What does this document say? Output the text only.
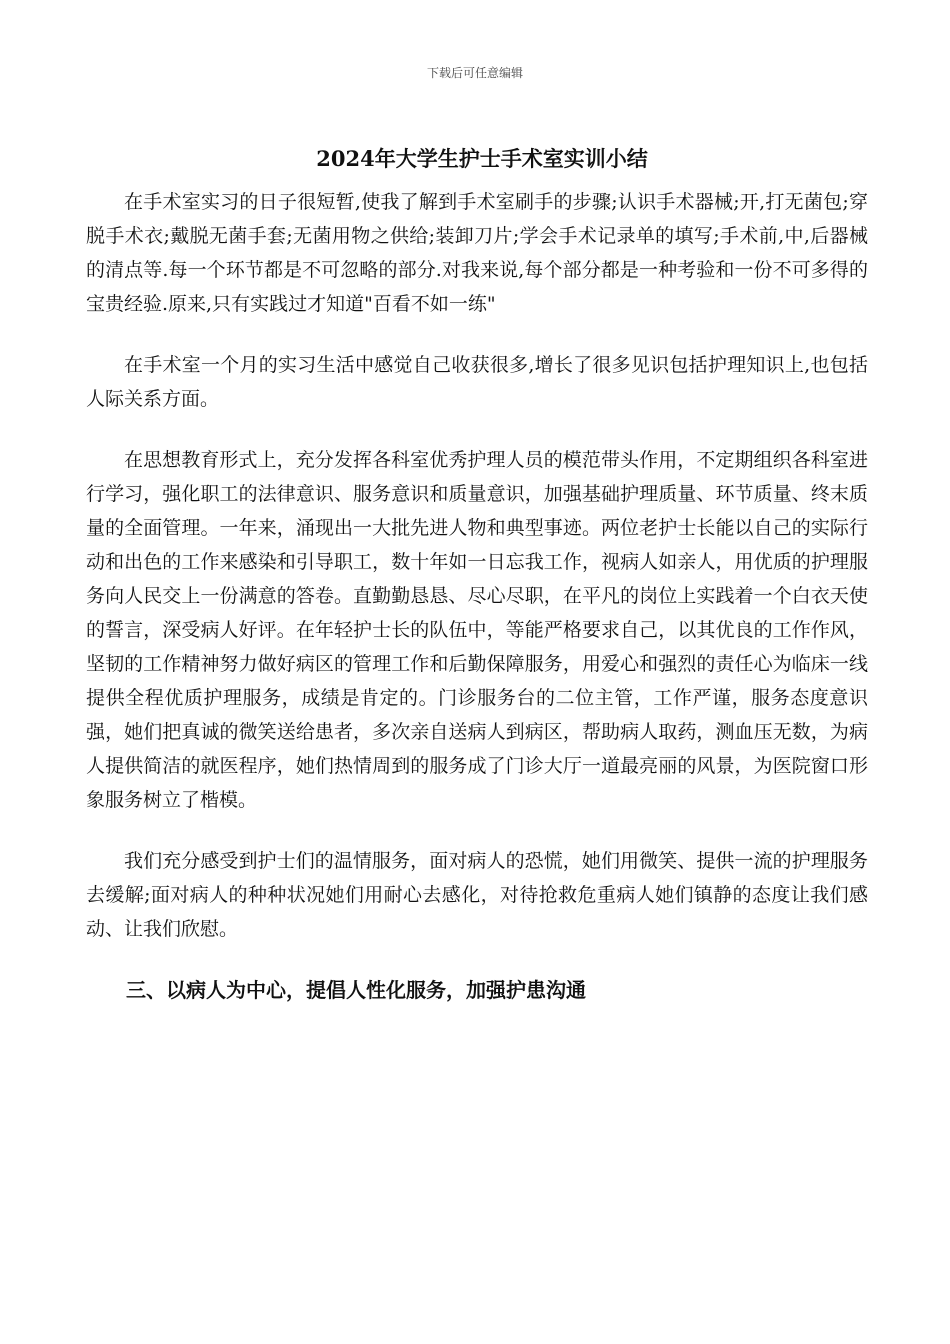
下载后可任意编辑
2024年大学生护士手术室实训小结

在手术室实习的日子很短暂,使我了解到手术室刷手的步骤;认识手术器械;开,打无菌包;穿脱手术衣;戴脱无菌手套;无菌用物之供给;装卸刀片;学会手术记录单的填写;手术前,中,后器械的清点等.每一个环节都是不可忽略的部分.对我来说,每个部分都是一种考验和一份不可多得的宝贵经验.原来,只有实践过才知道"百看不如一练"

在手术室一个月的实习生活中感觉自己收获很多,增长了很多见识包括护理知识上,也包括人际关系方面。

在思想教育形式上，充分发挥各科室优秀护理人员的模范带头作用，不定期组织各科室进行学习，强化职工的法律意识、服务意识和质量意识，加强基础护理质量、环节质量、终末质量的全面管理。一年来，涌现出一大批先进人物和典型事迹。两位老护士长能以自己的实际行动和出色的工作来感染和引导职工，数十年如一日忘我工作，视病人如亲人，用优质的护理服务向人民交上一份满意的答卷。直勤勤恳恳、尽心尽职，在平凡的岗位上实践着一个白衣天使的誓言，深受病人好评。在年轻护士长的队伍中，等能严格要求自己，以其优良的工作作风，坚韧的工作精神努力做好病区的管理工作和后勤保障服务，用爱心和强烈的责任心为临床一线提供全程优质护理服务，成绩是肯定的。门诊服务台的二位主管，工作严谨，服务态度意识强，她们把真诚的微笑送给患者，多次亲自送病人到病区，帮助病人取药，测血压无数，为病人提供简洁的就医程序，她们热情周到的服务成了门诊大厅一道最亮丽的风景，为医院窗口形象服务树立了楷模。

我们充分感受到护士们的温情服务，面对病人的恐慌，她们用微笑、提供一流的护理服务去缓解;面对病人的种种状况她们用耐心去感化，对待抢救危重病人她们镇静的态度让我们感动、让我们欣慰。

三、以病人为中心，提倡人性化服务，加强护患沟通
